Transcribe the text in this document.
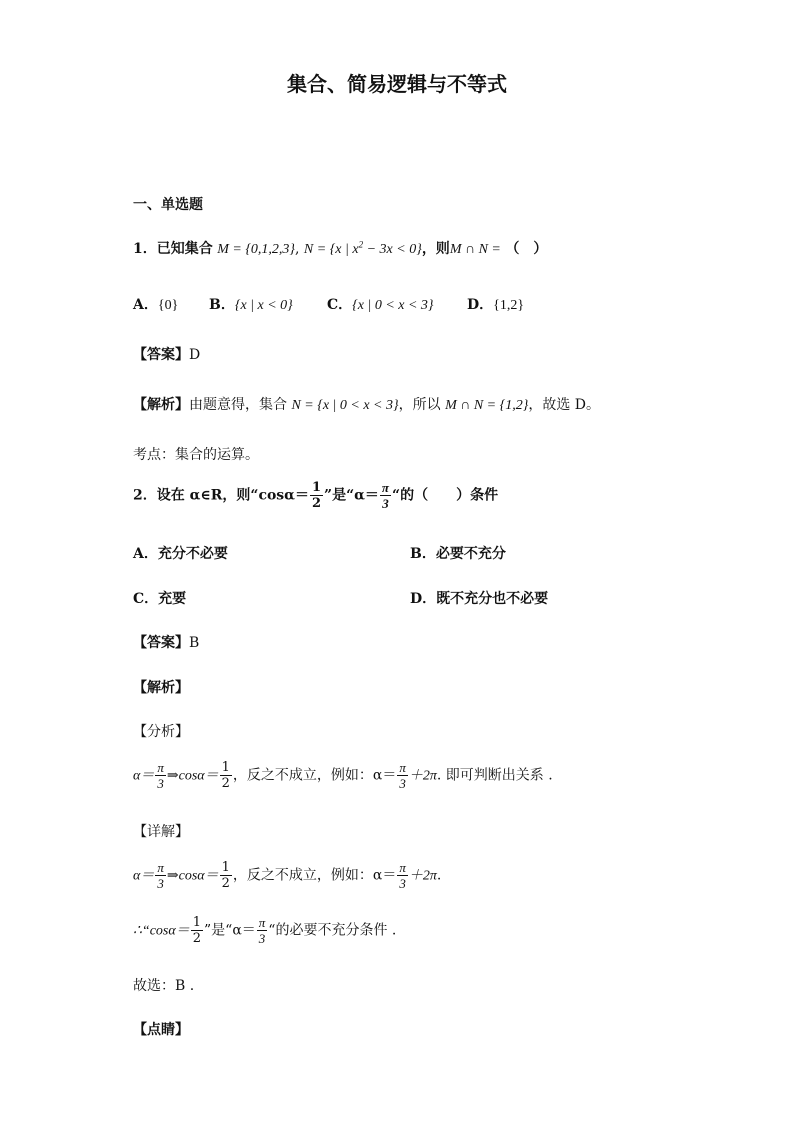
集合、简易逻辑与不等式
一、单选题
1．已知集合 M = {0,1,2,3}, N = {x | $x^2 - 3x < 0$}，则M ∩ N = （　）
A．{0} B．{x | x < 0} C．{x | 0 < x < 3} D．{1,2}
【答案】D
【解析】由题意得，集合 N = {x | 0 < x < 3}，所以 M ∩ N = {1,2}，故选 D。
考点：集合的运算。
2．设在 α∈R，则“$\cos\alpha= \frac{1}{2}$ ”是“$\alpha= \frac{\pi}{3}$ “的（　　）条件
A．充分不必要	B．必要不充分
C．充要	D．既不充分也不必要
【答案】B
【解析】
【分析】
$\alpha= \frac{\pi}{3}$ ⇒cosα＝ $\frac{1}{2}$ ，反之不成立，例如：$\alpha= \frac{\pi}{3} +2\pi$. 即可判断出关系 .
【详解】
$\alpha= \frac{\pi}{3}$ ⇒cosα＝ $\frac{1}{2}$ ，反之不成立，例如：$\alpha= \frac{\pi}{3} +2\pi$.
∴“cosα＝ $\frac{1}{2}$ ”是“$\alpha= \frac{\pi}{3}$ “的必要不充分条件 .
故选：B .
【点睛】
